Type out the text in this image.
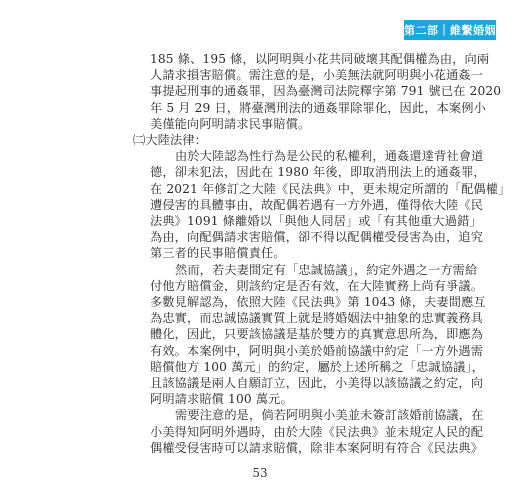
第二部｜維繫婚姻
185 條、195 條，以阿明與小花共同破壞其配偶權為由，向兩
人請求損害賠償。需注意的是，小美無法就阿明與小花通姦一
事提起刑事的通姦罪，因為臺灣司法院釋字第 791 號已在 2020
年 5 月 29 日，將臺灣刑法的通姦罪除罪化，因此，本案例小
美僅能向阿明請求民事賠償。
㈡大陸法律：
由於大陸認為性行為是公民的私權利，通姦還達背社會道
德，卻未犯法，因此在 1980 年後，即取消刑法上的通姦罪，
在 2021 年修訂之大陸《民法典》中，更未規定所謂的「配偶權」
遭侵害的具體事由，故配偶若遇有一方外遇，僅得依大陸《民
法典》1091 條離婚以「與他人同居」或「有其他重大過錯」
為由，向配偶請求害賠償，卻不得以配偶權受侵害為由，追究
第三者的民事賠償責任。
然而，若夫妻間定有「忠誠協議」，約定外遇之一方需給
付他方賠償金，則該約定是否有效，在大陸實務上尚有爭議。
多數見解認為，依照大陸《民法典》第 1043 條，夫妻間應互
為忠實，而忠誠協議實質上就是將婚姻法中抽象的忠實義務具
體化，因此，只要該協議是基於雙方的真實意思所為，即應為
有效。本案例中，阿明與小美於婚前協議中約定「一方外遇需
賠償他方 100 萬元」的約定，屬於上述所稱之「忠誠協議」，
且該協議是兩人自願訂立，因此，小美得以該協議之約定，向
阿明請求賠償 100 萬元。
需要注意的是，倘若阿明與小美並未簽訂該婚前協議，在
小美得知阿明外遇時，由於大陸《民法典》並未規定人民的配
偶權受侵害時可以請求賠償，除非本案阿明有符合《民法典》
53
